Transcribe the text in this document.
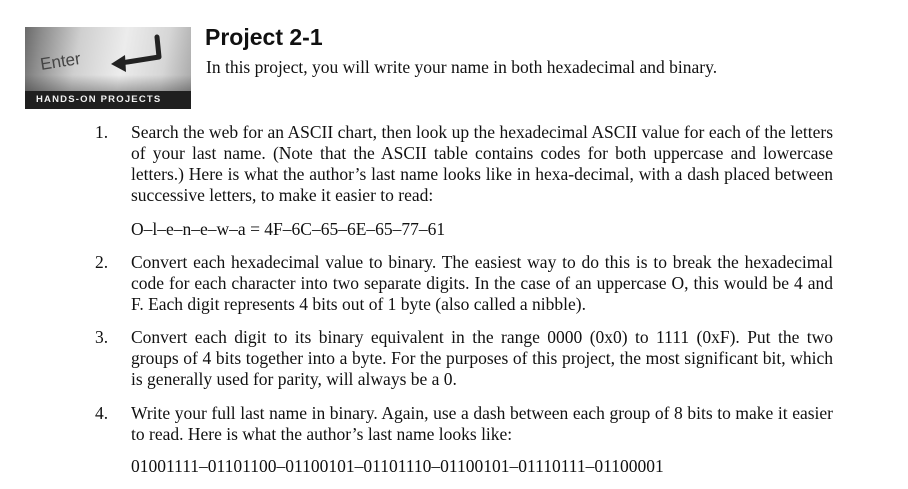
Enter
HANDS-ON PROJECTS
Project 2-1
In this project, you will write your name in both hexadecimal and binary.
1.	Search the web for an ASCII chart, then look up the hexadecimal ASCII value for each of the letters of your last name. (Note that the ASCII table contains codes for both uppercase and lowercase letters.) Here is what the author’s last name looks like in hexa-decimal, with a dash placed between successive letters, to make it easier to read:

O–l–e–n–e–w–a = 4F–6C–65–6E–65–77–61
2.	Convert each hexadecimal value to binary. The easiest way to do this is to break the hexadecimal code for each character into two separate digits. In the case of an uppercase O, this would be 4 and F. Each digit represents 4 bits out of 1 byte (also called a nibble).

3.	Convert each digit to its binary equivalent in the range 0000 (0x0) to 1111 (0xF). Put the two groups of 4 bits together into a byte. For the purposes of this project, the most significant bit, which is generally used for parity, will always be a 0.

4.	Write your full last name in binary. Again, use a dash between each group of 8 bits to make it easier to read. Here is what the author’s last name looks like:

01001111–01101100–01100101–01101110–01100101–01110111–01100001
